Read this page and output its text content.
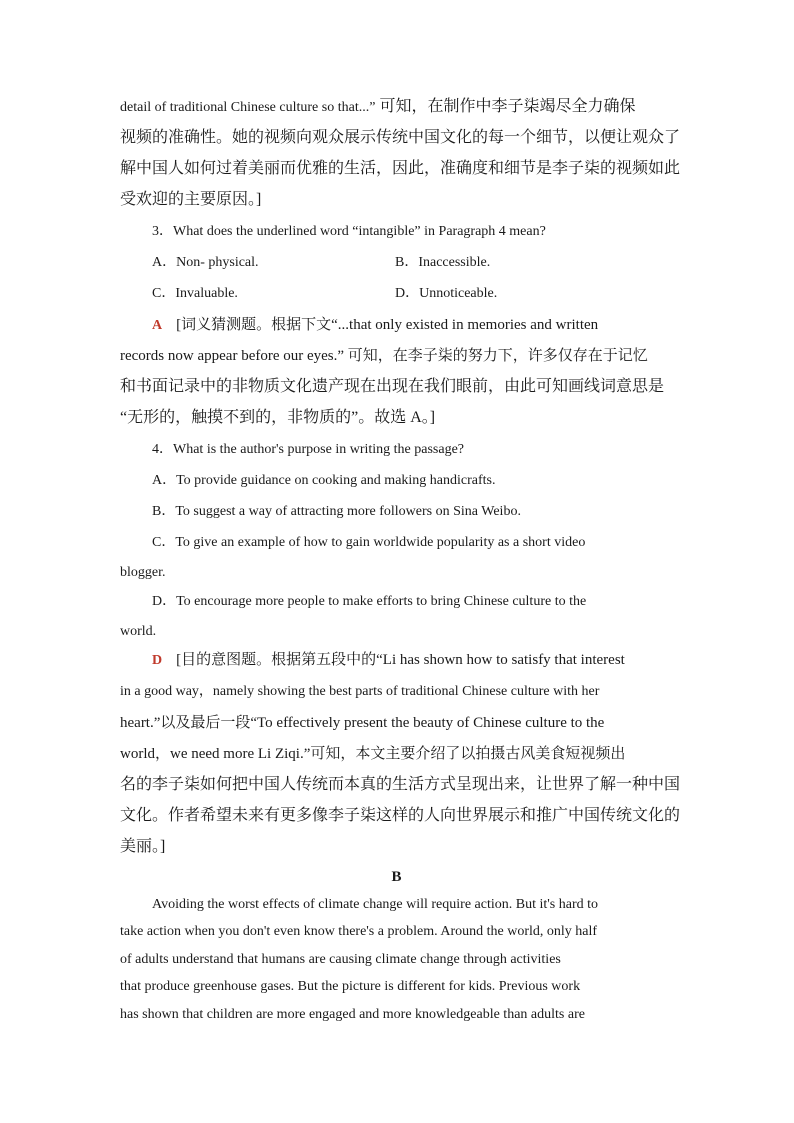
detail of traditional Chinese culture so that...” 可知，在制作中李子柒竭尽全力确保
视频的准确性。她的视频向观众展示传统中国文化的每一个细节，以便让观众了
解中国人如何过着美丽而优雅的生活，因此，准确度和细节是李子柒的视频如此
受欢迎的主要原因。]
3．What does the underlined word “intangible” in Paragraph 4 mean?
A．Non- physical.	B．Inaccessible.
C．Invaluable.	D．Unnoticeable.
A [词义猜测题。根据下文“...that only existed in memories and written
records now appear before our eyes.” 可知，在李子柒的努力下，许多仅存在于记忆
和书面记录中的非物质文化遗产现在出现在我们眼前，由此可知画线词意思是
“无形的，触摸不到的，非物质的”。故选 A。]
4．What is the author's purpose in writing the passage?
A．To provide guidance on cooking and making handicrafts.
B．To suggest a way of attracting more followers on Sina Weibo.
C．To give an example of how to gain worldwide popularity as a short video
blogger.
D．To encourage more people to make efforts to bring Chinese culture to the
world.
D [目的意图题。根据第五段中的“Li has shown how to satisfy that interest
in a good way，namely showing the best parts of traditional Chinese culture with her
heart.”以及最后一段“To effectively present the beauty of Chinese culture to the
world，we need more Li Ziqi.”可知，本文主要介绍了以拍摄古风美食短视频出
名的李子柒如何把中国人传统而本真的生活方式呈现出来，让世界了解一种中国
文化。作者希望未来有更多像李子柒这样的人向世界展示和推广中国传统文化的
美丽。]
B
Avoiding the worst effects of climate change will require action. But it's hard to
take action when you don't even know there's a problem. Around the world, only half
of adults understand that humans are causing climate change through activities
that produce greenhouse gases. But the picture is different for kids. Previous work
has shown that children are more engaged and more knowledgeable than adults are
